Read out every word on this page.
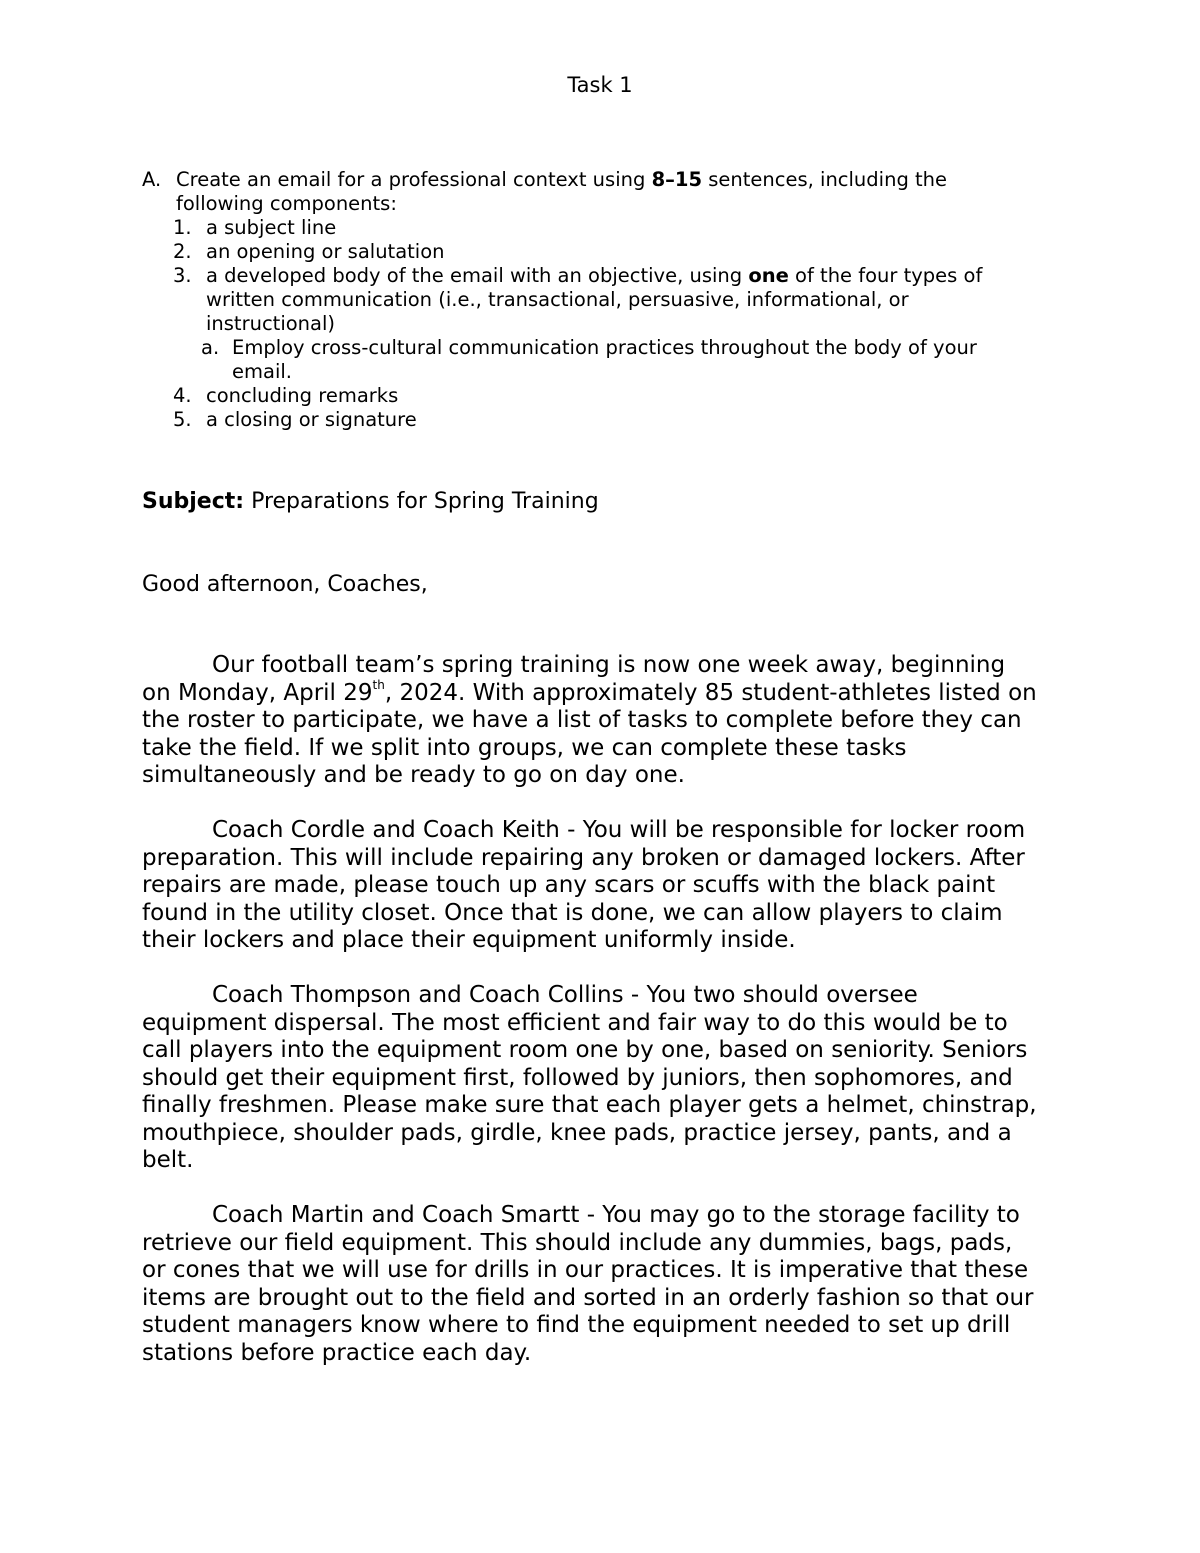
Task 1
A. Create an email for a professional context using 8–15 sentences, including the
following components:
1. a subject line
2. an opening or salutation
3. a developed body of the email with an objective, using one of the four types of
written communication (i.e., transactional, persuasive, informational, or
instructional)
a. Employ cross-cultural communication practices throughout the body of your
email.
4. concluding remarks
5. a closing or signature
Subject: Preparations for Spring Training
Good afternoon, Coaches,
Our football team’s spring training is now one week away, beginning
on Monday, April 29th, 2024. With approximately 85 student-athletes listed on
the roster to participate, we have a list of tasks to complete before they can
take the field. If we split into groups, we can complete these tasks
simultaneously and be ready to go on day one.
Coach Cordle and Coach Keith - You will be responsible for locker room
preparation. This will include repairing any broken or damaged lockers. After
repairs are made, please touch up any scars or scuffs with the black paint
found in the utility closet. Once that is done, we can allow players to claim
their lockers and place their equipment uniformly inside.
Coach Thompson and Coach Collins - You two should oversee
equipment dispersal. The most efficient and fair way to do this would be to
call players into the equipment room one by one, based on seniority. Seniors
should get their equipment first, followed by juniors, then sophomores, and
finally freshmen. Please make sure that each player gets a helmet, chinstrap,
mouthpiece, shoulder pads, girdle, knee pads, practice jersey, pants, and a
belt.
Coach Martin and Coach Smartt - You may go to the storage facility to
retrieve our field equipment. This should include any dummies, bags, pads,
or cones that we will use for drills in our practices. It is imperative that these
items are brought out to the field and sorted in an orderly fashion so that our
student managers know where to find the equipment needed to set up drill
stations before practice each day.
